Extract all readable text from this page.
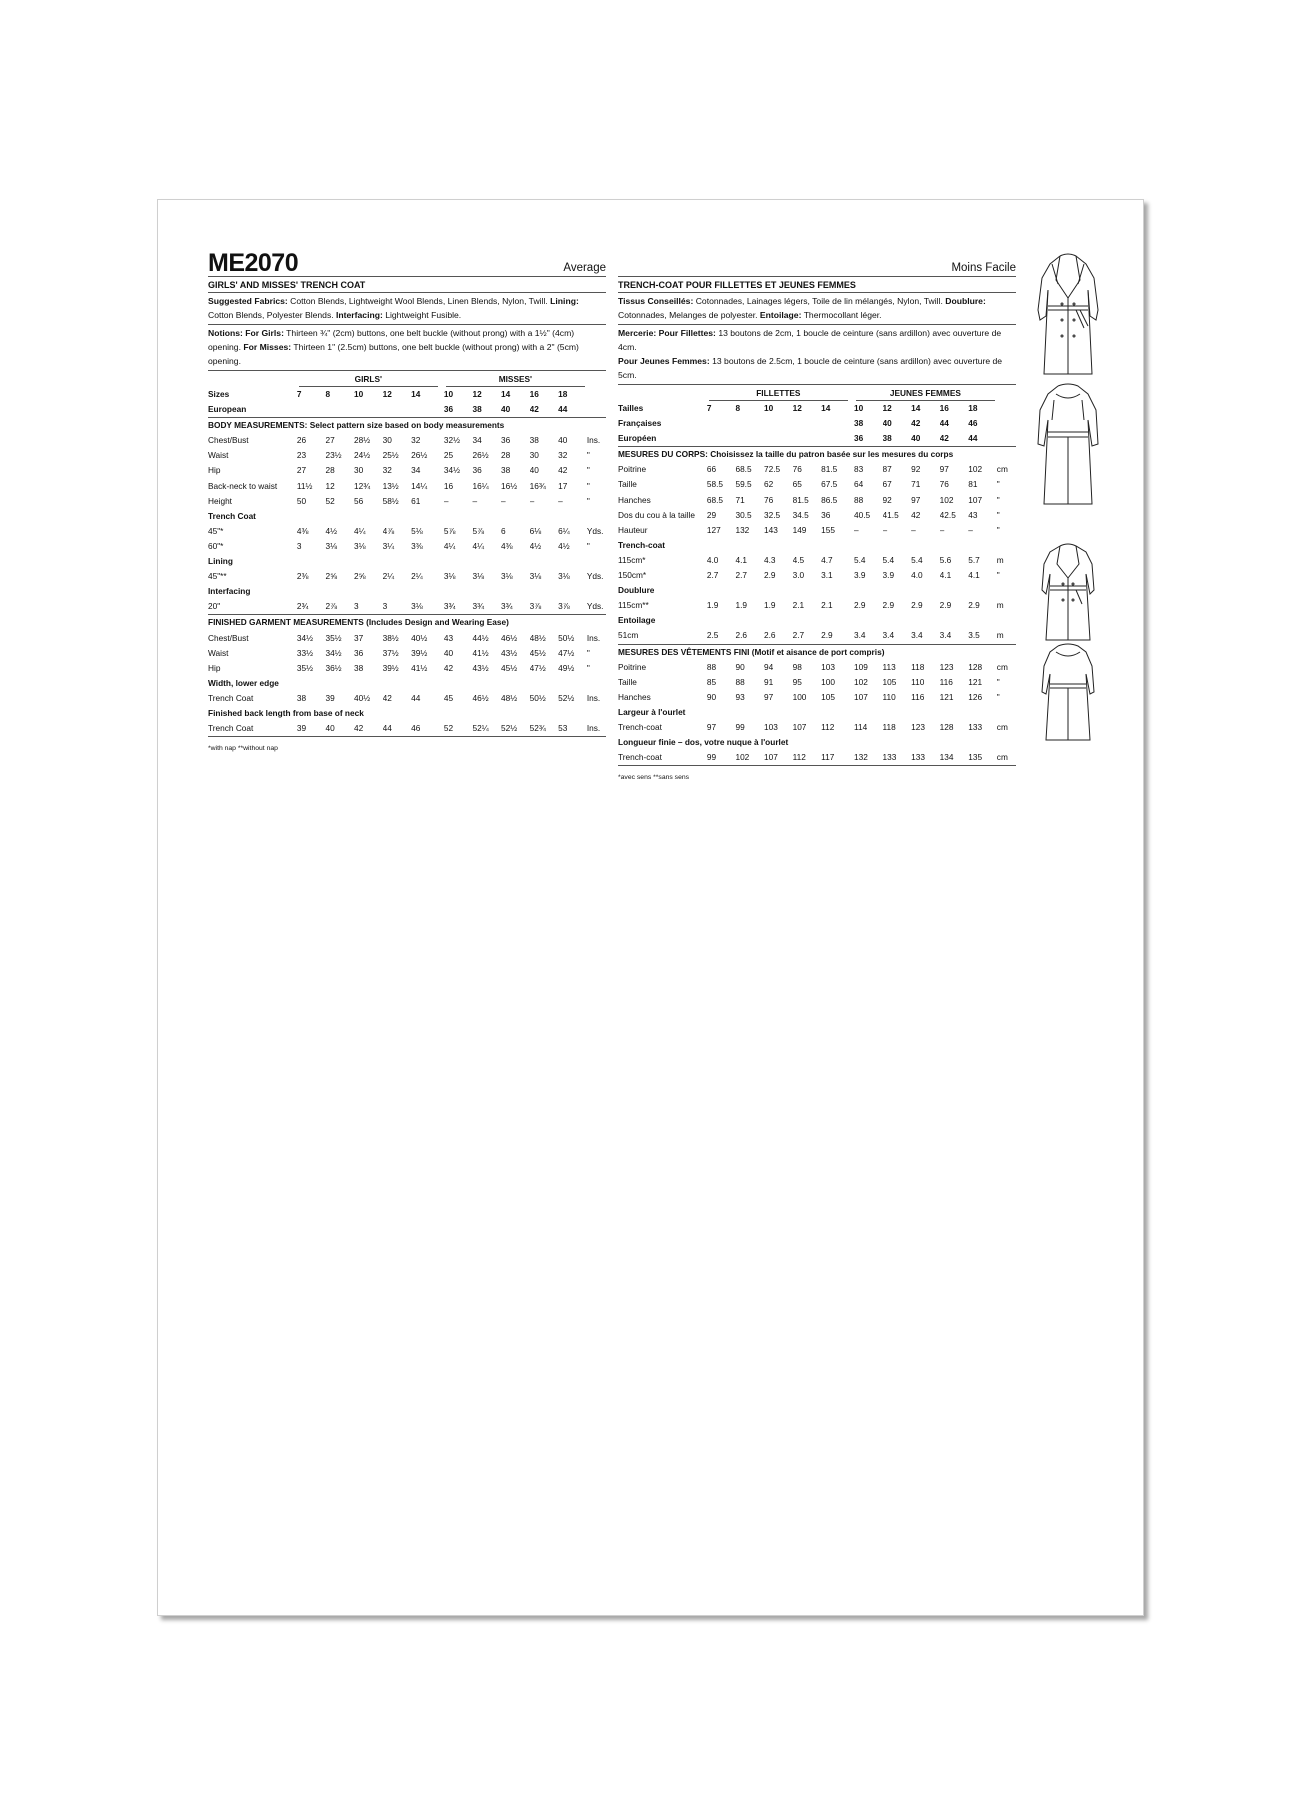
ME2070	Average
GIRLS' AND MISSES' TRENCH COAT
Suggested Fabrics: Cotton Blends, Lightweight Wool Blends, Linen Blends, Nylon, Twill. Lining: Cotton Blends, Polyester Blends. Interfacing: Lightweight Fusible.
Notions: For Girls: Thirteen ¾" (2cm) buttons, one belt buckle (without prong) with a 1½" (4cm) opening. For Misses: Thirteen 1" (2.5cm) buttons, one belt buckle (without prong) with a 2" (5cm) opening.

	GIRLS'						MISSES'					

Sizes	7	8	10	12	14		10	12	14	16	18	
European							36	38	40	42	44	
BODY MEASUREMENTS: Select pattern size based on body measurements												
Chest/Bust	26	27	28½	30	32		32½	34	36	38	40	Ins.
Waist	23	23½	24½	25½	26½		25	26½	28	30	32	"
Hip	27	28	30	32	34		34½	36	38	40	42	"
Back-neck to waist	11½	12	12¾	13½	14¼		16	16¼	16½	16¾	17	"
Height	50	52	56	58½	61		–	–	–	–	–	"
Trench Coat												
45"*	4⅜	4½	4¼	4⅞	5⅛		5⅞	5⅞	6	6⅛	6¼	Yds.
60"*	3	3⅛	3⅛	3¼	3⅜		4¼	4¼	4⅜	4½	4½	"
Lining												
45"**	2⅜	2⅝	2⅝	2¼	2¼		3⅛	3⅛	3⅛	3⅛	3⅛	Yds.
Interfacing												
20"	2¾	2⅞	3	3	3⅛		3¾	3¾	3¾	3⅞	3⅞	Yds.
FINISHED GARMENT MEASUREMENTS (Includes Design and Wearing Ease)												
Chest/Bust	34½	35½	37	38½	40½		43	44½	46½	48½	50½	Ins.
Waist	33½	34½	36	37½	39½		40	41½	43½	45½	47½	"
Hip	35½	36½	38	39½	41½		42	43½	45½	47½	49½	"
Width, lower edge												
Trench Coat	38	39	40½	42	44		45	46½	48½	50½	52½	Ins.
Finished back length from base of neck												
Trench Coat	39	40	42	44	46		52	52¼	52½	52¾	53	Ins.
*with nap **without nap
Moins Facile
TRENCH-COAT POUR FILLETTES ET JEUNES FEMMES
Tissus Conseillés: Cotonnades, Lainages légers, Toile de lin mélangés, Nylon, Twill. Doublure: Cotonnades, Melanges de polyester. Entoilage: Thermocollant léger.
Mercerie: Pour Fillettes: 13 boutons de 2cm, 1 boucle de ceinture (sans ardillon) avec ouverture de 4cm.
Pour Jeunes Femmes: 13 boutons de 2.5cm, 1 boucle de ceinture (sans ardillon) avec ouverture de 5cm.

	FILLETTES						JEUNES FEMMES					

Tailles	7	8	10	12	14		10	12	14	16	18	
Françaises							38	40	42	44	46	
Européen							36	38	40	42	44	
MESURES DU CORPS: Choisissez la taille du patron basée sur les mesures du corps												
Poitrine	66	68.5	72.5	76	81.5		83	87	92	97	102	cm
Taille	58.5	59.5	62	65	67.5		64	67	71	76	81	"
Hanches	68.5	71	76	81.5	86.5		88	92	97	102	107	"
Dos du cou à la taille	29	30.5	32.5	34.5	36		40.5	41.5	42	42.5	43	"
Hauteur	127	132	143	149	155		–	–	–	–	–	"
Trench-coat												
115cm*	4.0	4.1	4.3	4.5	4.7		5.4	5.4	5.4	5.6	5.7	m
150cm*	2.7	2.7	2.9	3.0	3.1		3.9	3.9	4.0	4.1	4.1	"
Doublure												
115cm**	1.9	1.9	1.9	2.1	2.1		2.9	2.9	2.9	2.9	2.9	m
Entoilage												
51cm	2.5	2.6	2.6	2.7	2.9		3.4	3.4	3.4	3.4	3.5	m
MESURES DES VÊTEMENTS FINI (Motif et aisance de port compris)												
Poitrine	88	90	94	98	103		109	113	118	123	128	cm
Taille	85	88	91	95	100		102	105	110	116	121	"
Hanches	90	93	97	100	105		107	110	116	121	126	"
Largeur à l'ourlet												
Trench-coat	97	99	103	107	112		114	118	123	128	133	cm
Longueur finie – dos, votre nuque à l'ourlet												
Trench-coat	99	102	107	112	117		132	133	133	134	135	cm
*avec sens **sans sens
